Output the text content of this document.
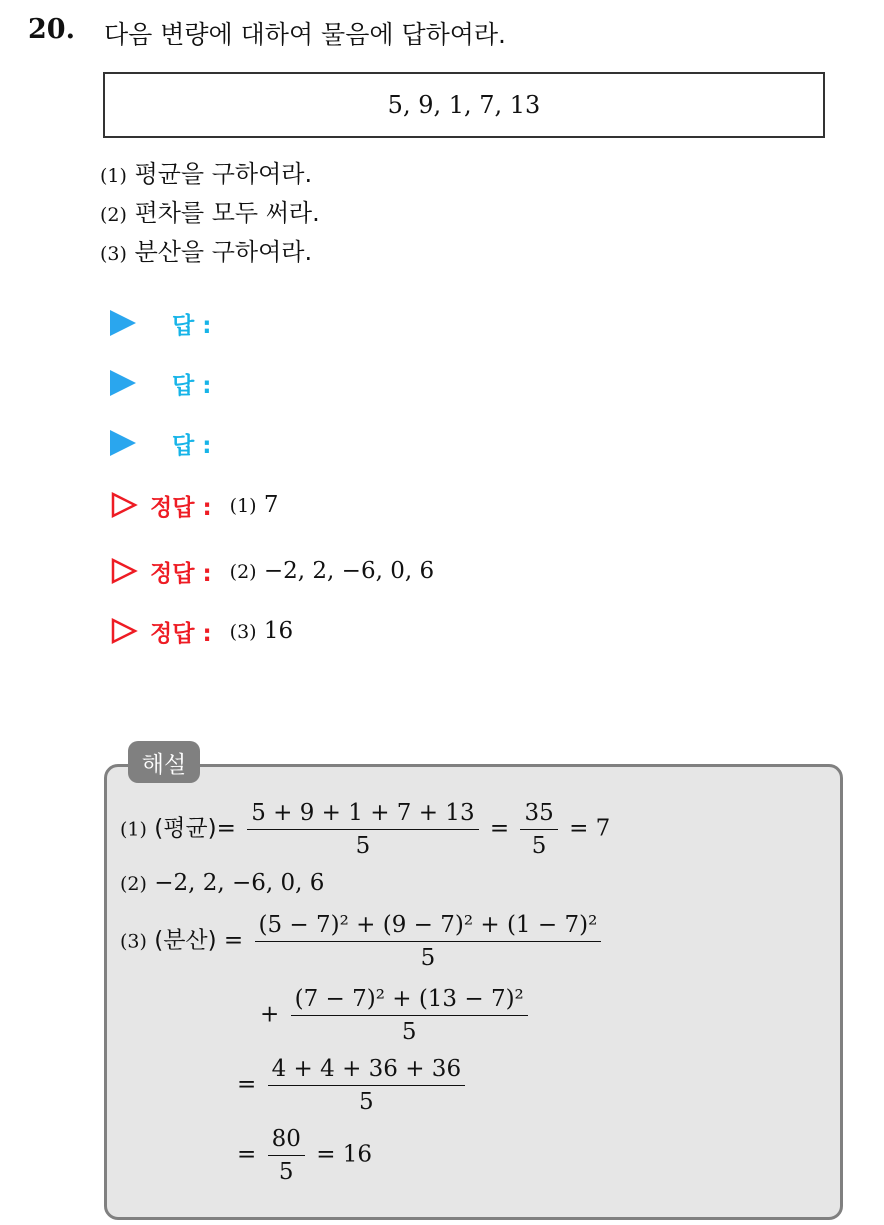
20. 다음 변량에 대하여 물음에 답하여라.
5, 9, 1, 7, 13
(1) 평균을 구하여라.
(2) 편차를 모두 써라.
(3) 분산을 구하여라.
답 :
답 :
답 :
정답 : (1) 7
정답 : (2) −2, 2, −6, 0, 6
정답 : (3) 16
해설
(1) (평균)= $\frac{5 + 9 + 1 + 7 + 13}{5} = \frac{35}{5} = 7$
(2) −2, 2, −6, 0, 6
(3) (분산) = $\frac{\text{(5 − 7)² + (9 − 7)² + (1 − 7)²}}{5}$
+ $\frac{\text{(7 − 7)² + (13 − 7)²}}{5}$
= $\frac{4 + 4 + 36 + 36}{5}$
= $\frac{80}{5} = 16$
